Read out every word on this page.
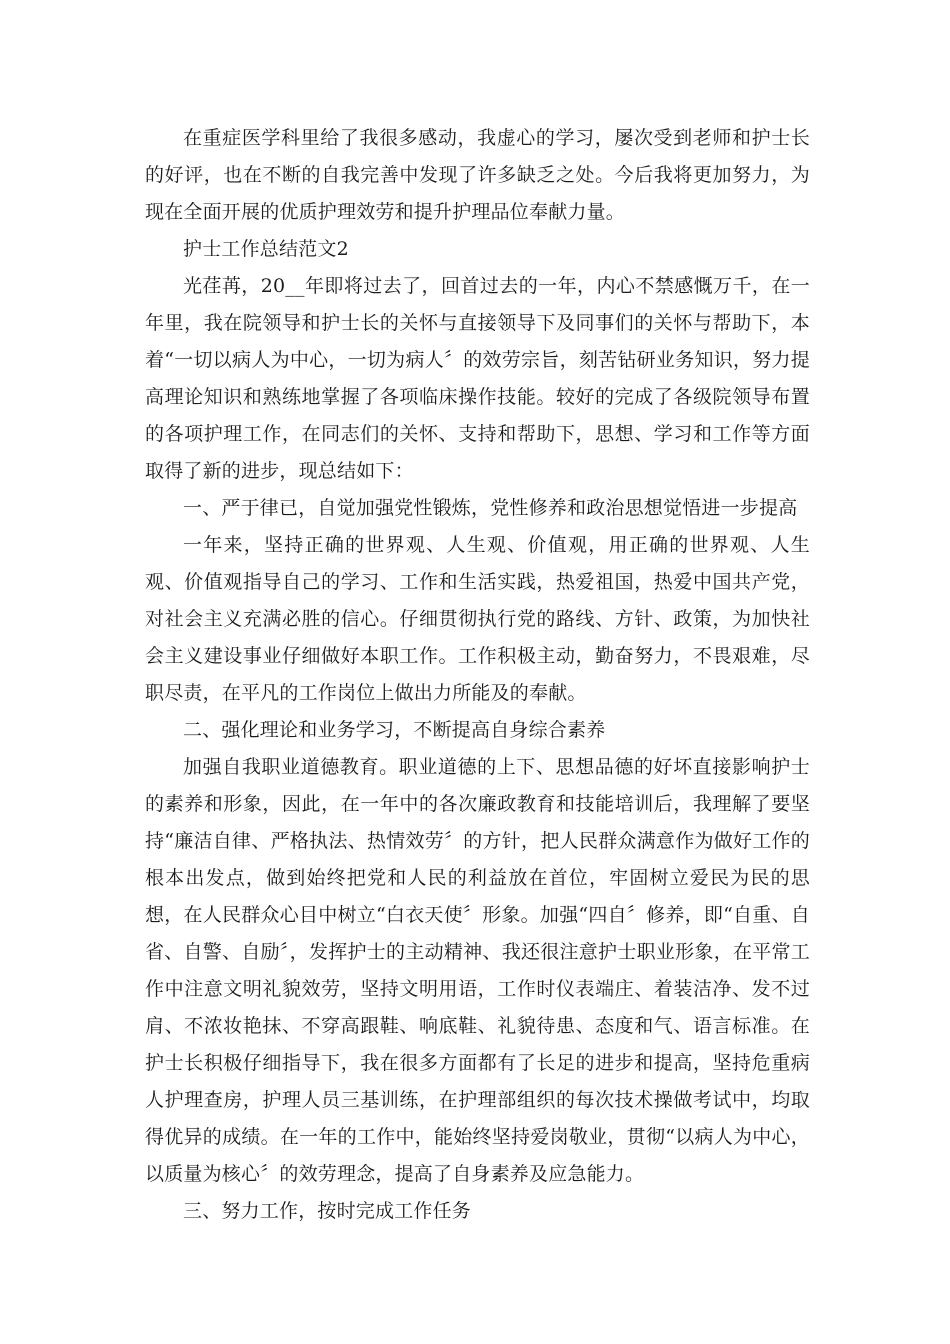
在重症医学科里给了我很多感动，我虚心的学习，屡次受到老师和护士长的好评，也在不断的自我完善中发现了许多缺乏之处。今后我将更加努力，为现在全面开展的优质护理效劳和提升护理品位奉献力量。

护士工作总结范文2

光荏苒，20__年即将过去了，回首过去的一年，内心不禁感慨万千，在一年里，我在院领导和护士长的关怀与直接领导下及同事们的关怀与帮助下，本着“一切以病人为中心，一切为病人〞的效劳宗旨，刻苦钻研业务知识，努力提高理论知识和熟练地掌握了各项临床操作技能。较好的完成了各级院领导布置的各项护理工作，在同志们的关怀、支持和帮助下，思想、学习和工作等方面取得了新的进步，现总结如下：

一、严于律已，自觉加强党性锻炼，党性修养和政治思想觉悟进一步提高

一年来，坚持正确的世界观、人生观、价值观，用正确的世界观、人生观、价值观指导自己的学习、工作和生活实践，热爱祖国，热爱中国共产党，对社会主义充满必胜的信心。仔细贯彻执行党的路线、方针、政策，为加快社会主义建设事业仔细做好本职工作。工作积极主动，勤奋努力，不畏艰难，尽职尽责，在平凡的工作岗位上做出力所能及的奉献。

二、强化理论和业务学习，不断提高自身综合素养

加强自我职业道德教育。职业道德的上下、思想品德的好坏直接影响护士的素养和形象，因此，在一年中的各次廉政教育和技能培训后，我理解了要坚持“廉洁自律、严格执法、热情效劳〞的方针，把人民群众满意作为做好工作的根本出发点，做到始终把党和人民的利益放在首位，牢固树立爱民为民的思想，在人民群众心目中树立“白衣天使〞形象。加强“四自〞修养，即“自重、自省、自警、自励〞，发挥护士的主动精神、我还很注意护士职业形象，在平常工作中注意文明礼貌效劳，坚持文明用语，工作时仪表端庄、着装洁净、发不过肩、不浓妆艳抹、不穿高跟鞋、响底鞋、礼貌待患、态度和气、语言标准。在护士长积极仔细指导下，我在很多方面都有了长足的进步和提高，坚持危重病人护理查房，护理人员三基训练，在护理部组织的每次技术操做考试中，均取得优异的成绩。在一年的工作中，能始终坚持爱岗敬业，贯彻“以病人为中心，以质量为核心〞的效劳理念，提高了自身素养及应急能力。

三、努力工作，按时完成工作任务
